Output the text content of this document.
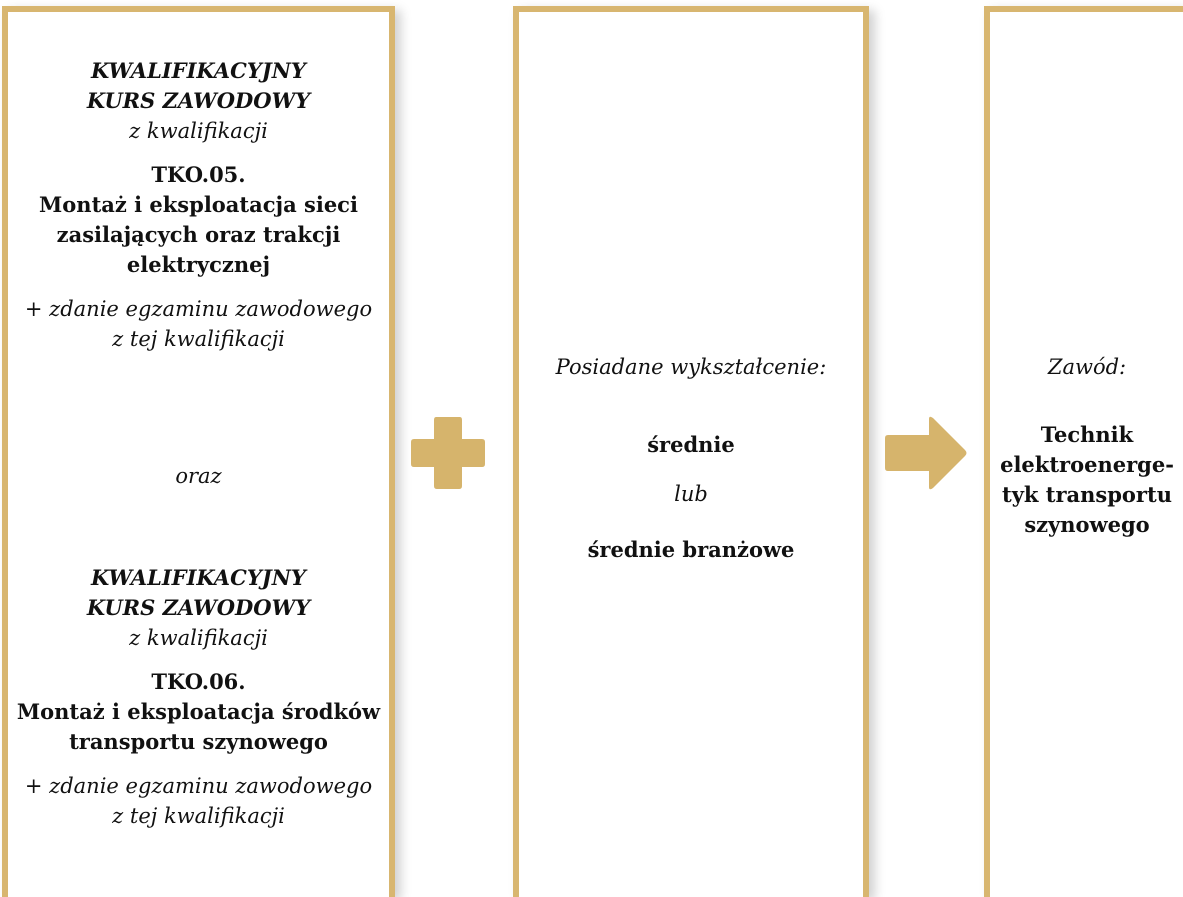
KWALIFIKACYJNY
KURS ZAWODOWY
z kwalifikacji
TKO.05.
Montaż i eksploatacja sieci
zasilających oraz trakcji
elektrycznej
+ zdanie egzaminu zawodowego
z tej kwalifikacji
oraz
KWALIFIKACYJNY
KURS ZAWODOWY
z kwalifikacji
TKO.06.
Montaż i eksploatacja środków
transportu szynowego
+ zdanie egzaminu zawodowego
z tej kwalifikacji
Posiadane wykształcenie:
średnie
lub
średnie branżowe
Zawód:
Technik
elektroenerge-
tyk transportu
szynowego
